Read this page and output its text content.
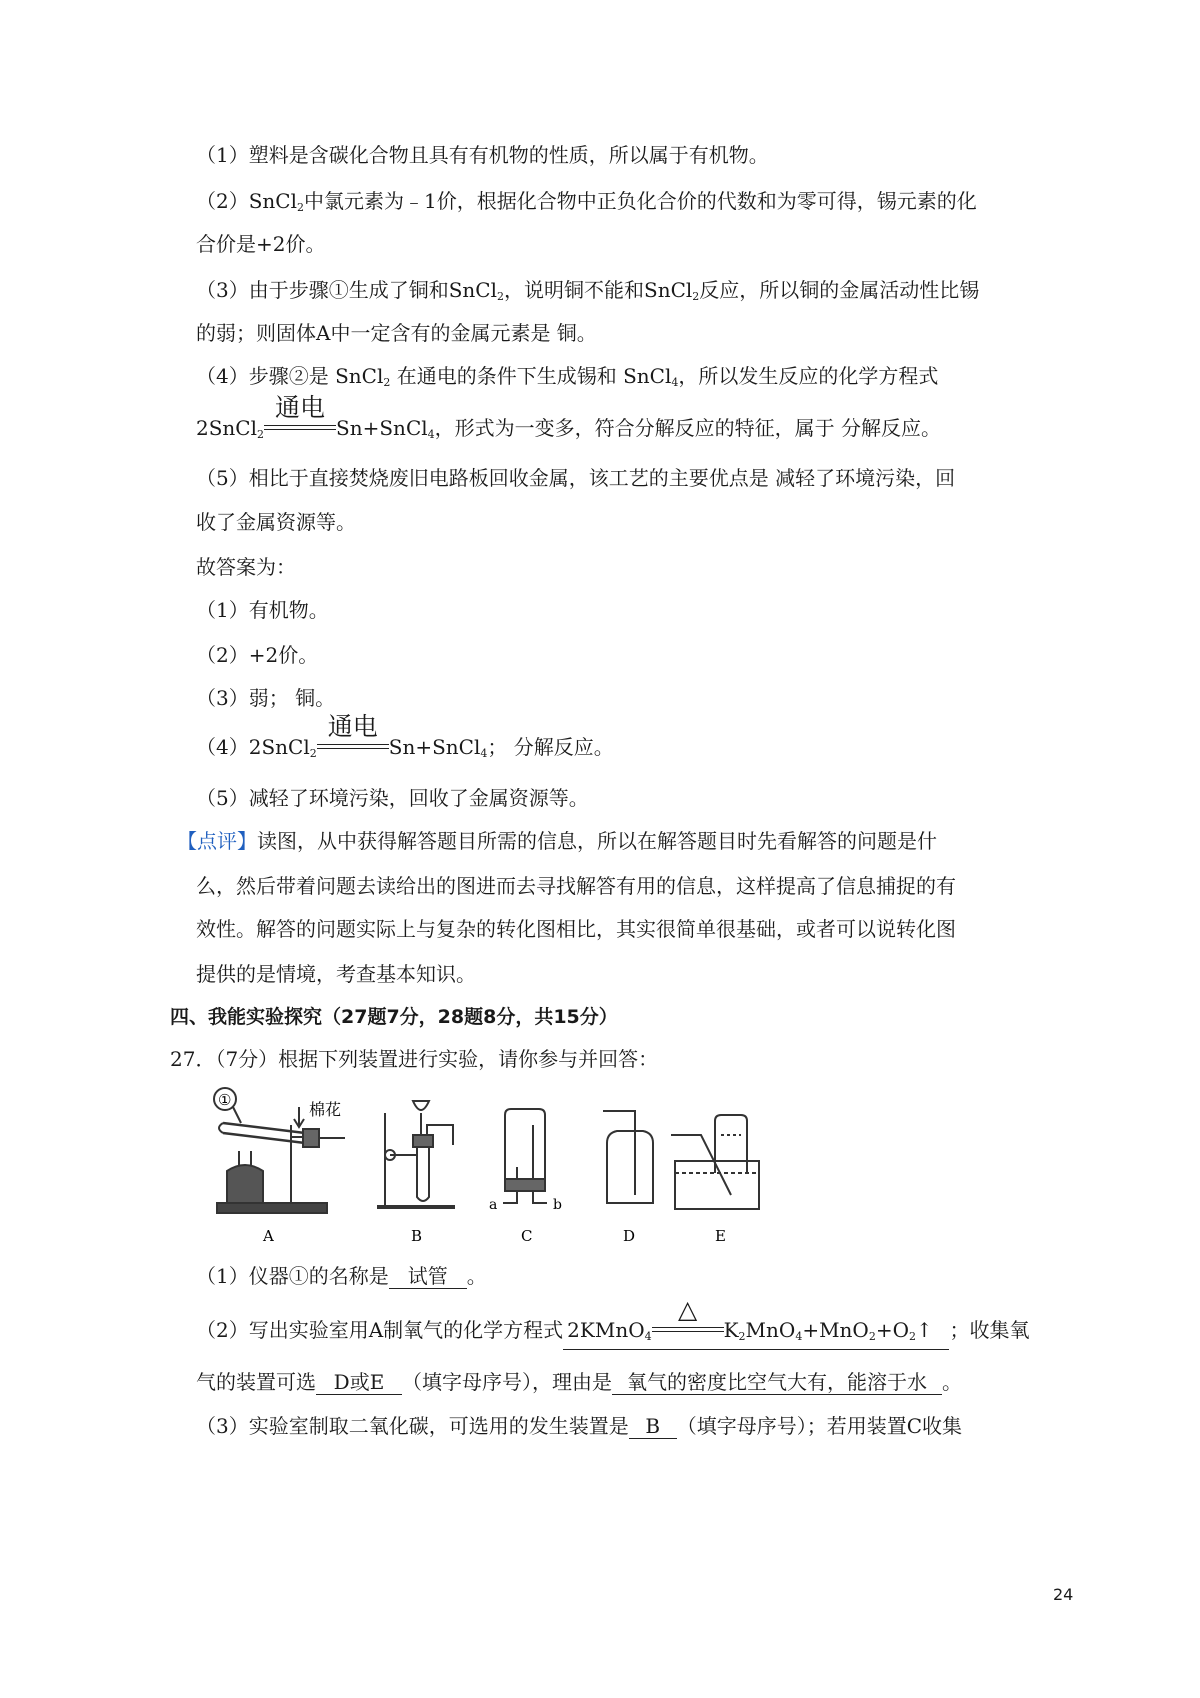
（1）塑料是含碳化合物且具有有机物的性质，所以属于有机物。
（2）SnCl$_2$中氯元素为﹣1价，根据化合物中正负化合价的代数和为零可得，锡元素的化
合价是+2价。
（3）由于步骤①生成了铜和SnCl$_2$，说明铜不能和SnCl$_2$反应，所以铜的金属活动性比锡
的弱；则固体A中一定含有的金属元素是 铜。
（4）步骤②是 SnCl$_2$ 在通电的条件下生成锡和 SnCl$_4$，所以发生反应的化学方程式
2SnCl$_2$
通电
Sn+SnCl$_4$，形式为一变多，符合分解反应的特征，属于 分解反应。
（5）相比于直接焚烧废旧电路板回收金属，该工艺的主要优点是 减轻了环境污染，回
收了金属资源等。
故答案为：
（1）有机物。
（2）+2价。
（3）弱； 铜。
（4）2SnCl$_2$
通电
Sn+SnCl$_4$； 分解反应。
（5）减轻了环境污染，回收了金属资源等。
【点评】读图，从中获得解答题目所需的信息，所以在解答题目时先看解答的问题是什
么，然后带着问题去读给出的图进而去寻找解答有用的信息，这样提高了信息捕捉的有
效性。解答的问题实际上与复杂的转化图相比，其实很简单很基础，或者可以说转化图
提供的是情境，考查基本知识。
四、我能实验探究（27题7分，28题8分，共15分）
27．（7分）根据下列装置进行实验，请你参与并回答：
①	棉花
a	b
A	B	C	D	E
（1）仪器①的名称是 试管 。
（2）写出实验室用A制氧气的化学方程式 2KMnO$_4$
△
$K_2MnO_4+MnO_2+O_2↑$ ；收集氧
气的装置可选 D或E （填字母序号），理由是 氧气的密度比空气大有，能溶于水 。
（3）实验室制取二氧化碳，可选用的发生装置是 B （填字母序号）；若用装置C收集
24
